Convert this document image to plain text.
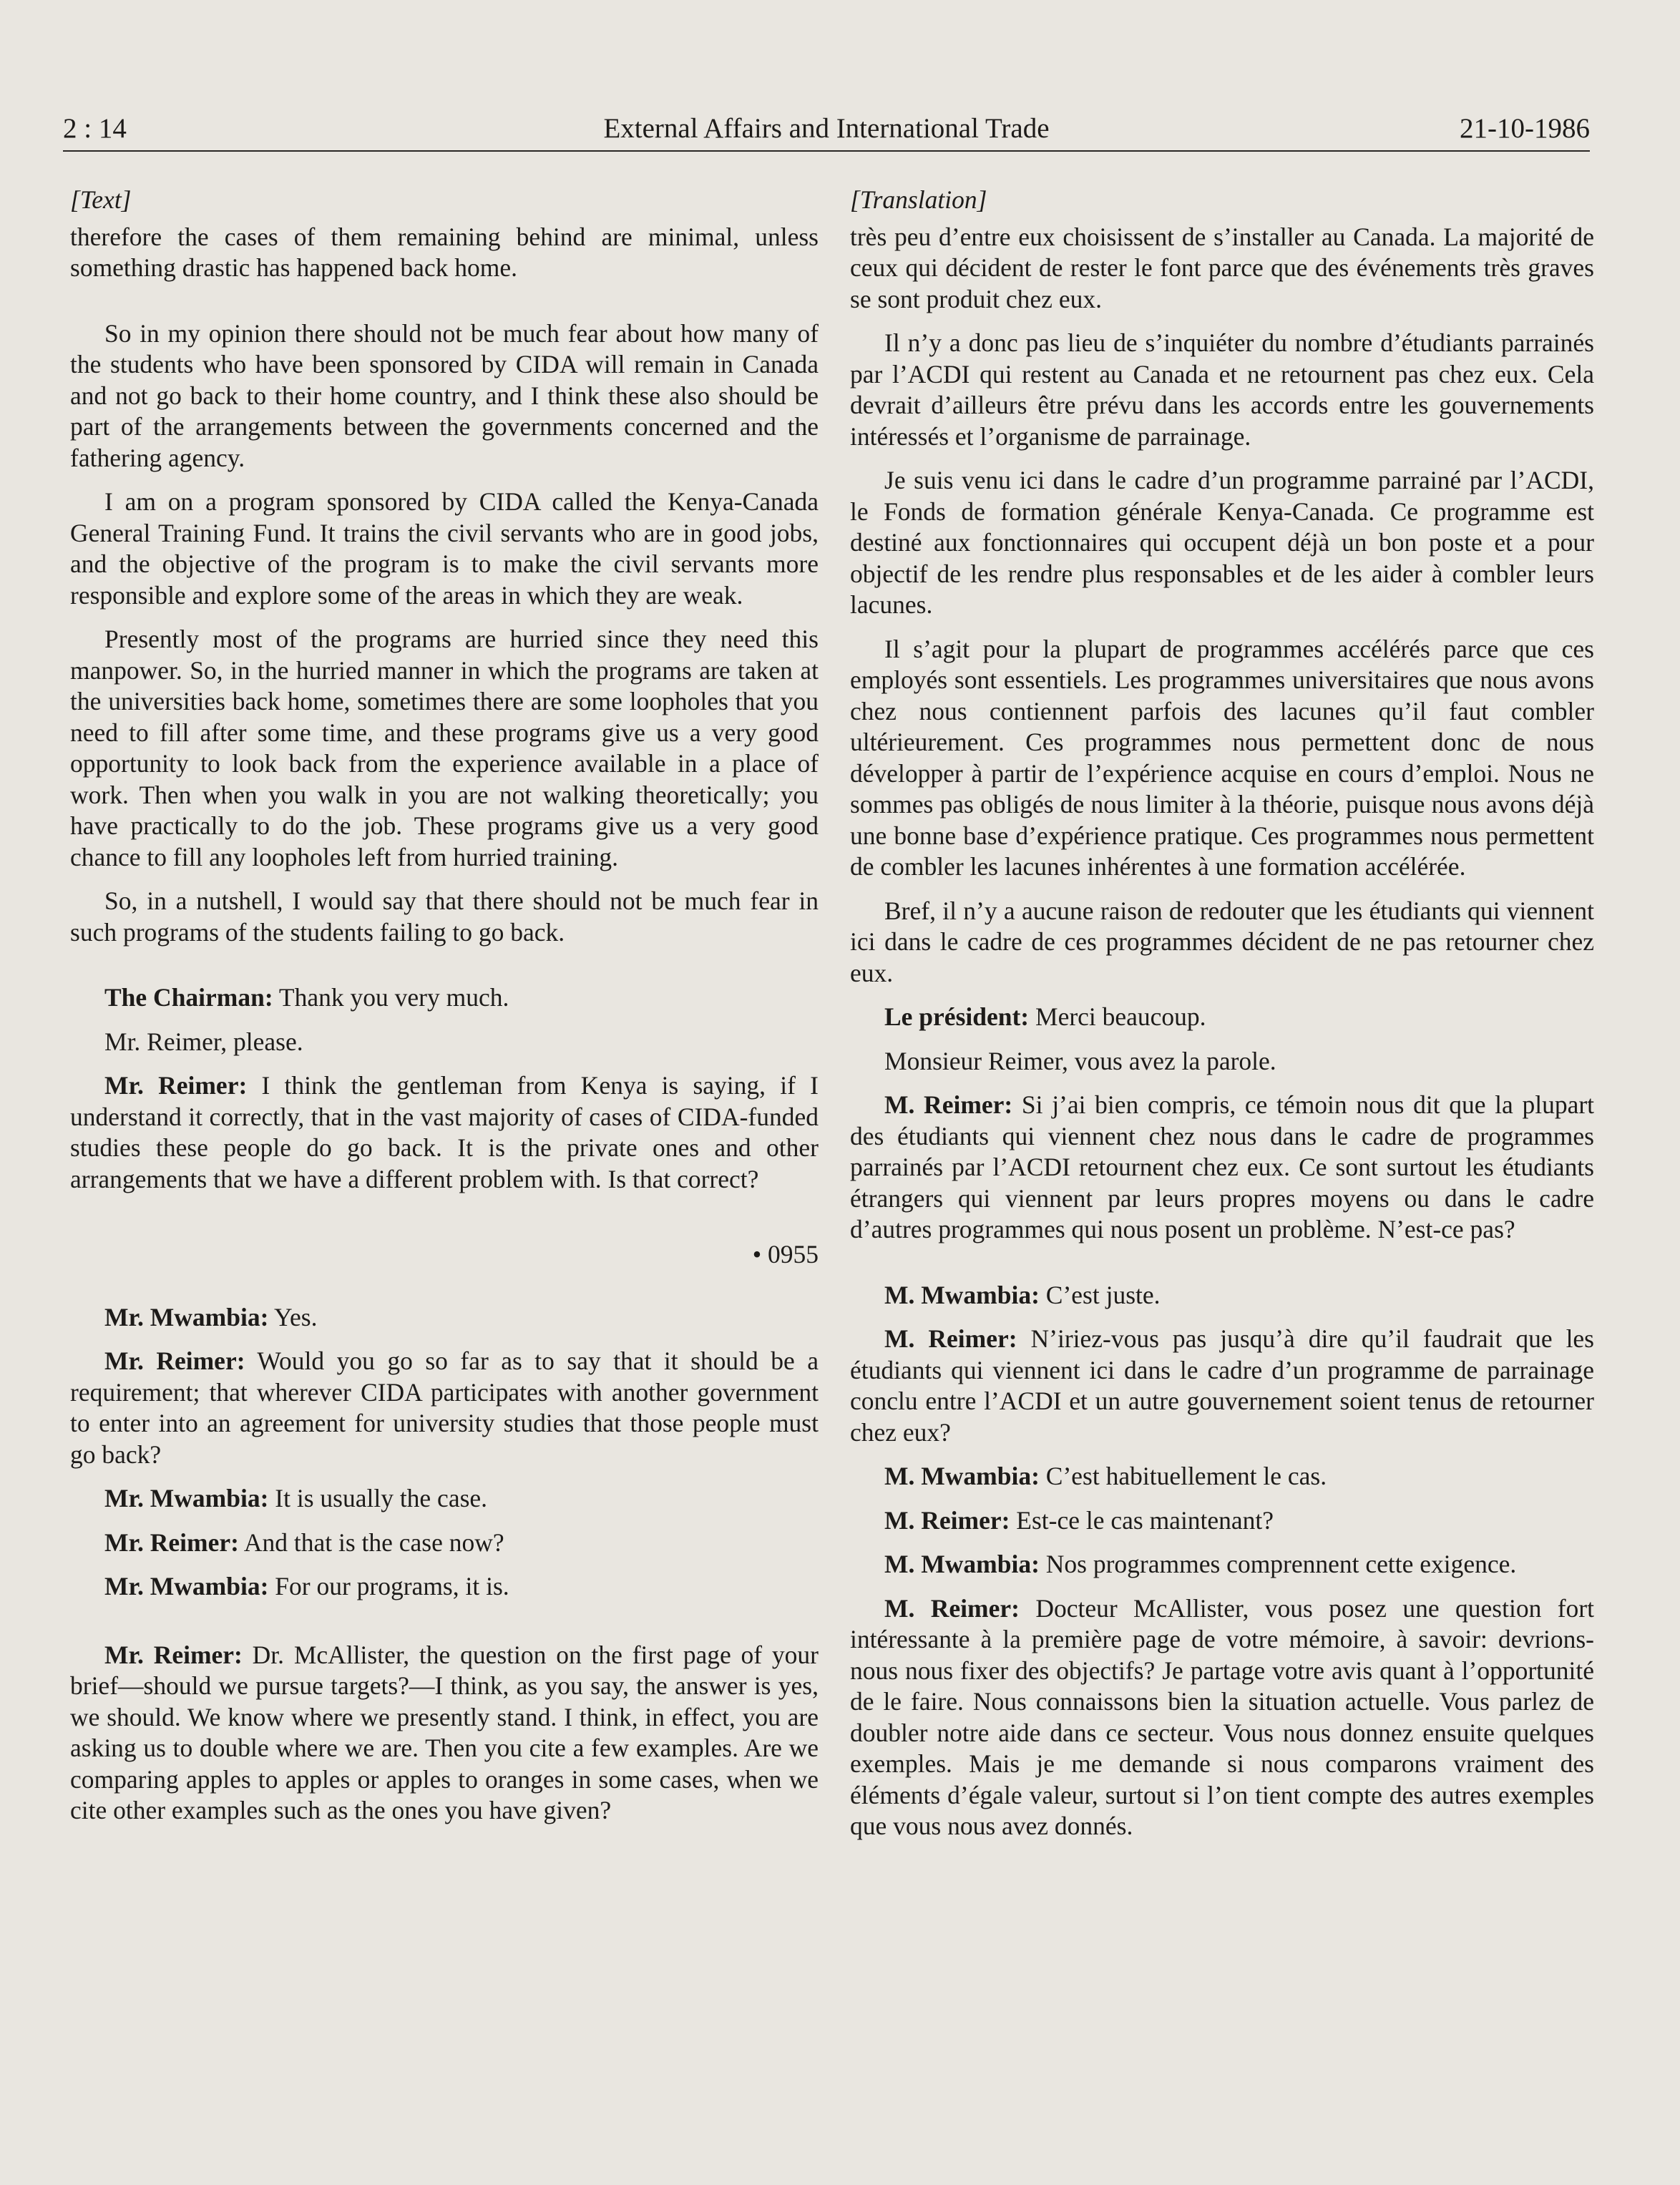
External Affairs and International Trade
2 : 14	21-10-1986
[Text]

therefore the cases of them remaining behind are minimal, unless something drastic has happened back home.

So in my opinion there should not be much fear about how many of the students who have been sponsored by CIDA will remain in Canada and not go back to their home country, and I think these also should be part of the arrangements between the governments concerned and the fathering agency.

I am on a program sponsored by CIDA called the Kenya-Canada General Training Fund. It trains the civil servants who are in good jobs, and the objective of the program is to make the civil servants more responsible and explore some of the areas in which they are weak.

Presently most of the programs are hurried since they need this manpower. So, in the hurried manner in which the programs are taken at the universities back home, sometimes there are some loopholes that you need to fill after some time, and these programs give us a very good opportunity to look back from the experience available in a place of work. Then when you walk in you are not walking theoretically; you have practically to do the job. These programs give us a very good chance to fill any loopholes left from hurried training.

So, in a nutshell, I would say that there should not be much fear in such programs of the students failing to go back.

The Chairman: Thank you very much.

Mr. Reimer, please.

Mr. Reimer: I think the gentleman from Kenya is saying, if I understand it correctly, that in the vast majority of cases of CIDA-funded studies these people do go back. It is the private ones and other arrangements that we have a different problem with. Is that correct?

• 0955

Mr. Mwambia: Yes.

Mr. Reimer: Would you go so far as to say that it should be a requirement; that wherever CIDA participates with another government to enter into an agreement for university studies that those people must go back?

Mr. Mwambia: It is usually the case.

Mr. Reimer: And that is the case now?

Mr. Mwambia: For our programs, it is.

Mr. Reimer: Dr. McAllister, the question on the first page of your brief—should we pursue targets?—I think, as you say, the answer is yes, we should. We know where we presently stand. I think, in effect, you are asking us to double where we are. Then you cite a few examples. Are we comparing apples to apples or apples to oranges in some cases, when we cite other examples such as the ones you have given?

[Translation]

très peu d’entre eux choisissent de s’installer au Canada. La majorité de ceux qui décident de rester le font parce que des événements très graves se sont produit chez eux.

Il n’y a donc pas lieu de s’inquiéter du nombre d’étudiants parrainés par l’ACDI qui restent au Canada et ne retournent pas chez eux. Cela devrait d’ailleurs être prévu dans les accords entre les gouvernements intéressés et l’organisme de parrainage.

Je suis venu ici dans le cadre d’un programme parrainé par l’ACDI, le Fonds de formation générale Kenya-Canada. Ce programme est destiné aux fonctionnaires qui occupent déjà un bon poste et a pour objectif de les rendre plus responsables et de les aider à combler leurs lacunes.

Il s’agit pour la plupart de programmes accélérés parce que ces employés sont essentiels. Les programmes universitaires que nous avons chez nous contiennent parfois des lacunes qu’il faut combler ultérieurement. Ces programmes nous permettent donc de nous développer à partir de l’expérience acquise en cours d’emploi. Nous ne sommes pas obligés de nous limiter à la théorie, puisque nous avons déjà une bonne base d’expérience pratique. Ces programmes nous permettent de combler les lacunes inhérentes à une formation accélérée.

Bref, il n’y a aucune raison de redouter que les étudiants qui viennent ici dans le cadre de ces programmes décident de ne pas retourner chez eux.

Le président: Merci beaucoup.

Monsieur Reimer, vous avez la parole.

M. Reimer: Si j’ai bien compris, ce témoin nous dit que la plupart des étudiants qui viennent chez nous dans le cadre de programmes parrainés par l’ACDI retournent chez eux. Ce sont surtout les étudiants étrangers qui viennent par leurs propres moyens ou dans le cadre d’autres programmes qui nous posent un problème. N’est-ce pas?

M. Mwambia: C’est juste.

M. Reimer: N’iriez-vous pas jusqu’à dire qu’il faudrait que les étudiants qui viennent ici dans le cadre d’un programme de parrainage conclu entre l’ACDI et un autre gouvernement soient tenus de retourner chez eux?

M. Mwambia: C’est habituellement le cas.

M. Reimer: Est-ce le cas maintenant?

M. Mwambia: Nos programmes comprennent cette exigence.

M. Reimer: Docteur McAllister, vous posez une question fort intéressante à la première page de votre mémoire, à savoir: devrions-nous nous fixer des objectifs? Je partage votre avis quant à l’opportunité de le faire. Nous connaissons bien la situation actuelle. Vous parlez de doubler notre aide dans ce secteur. Vous nous donnez ensuite quelques exemples. Mais je me demande si nous comparons vraiment des éléments d’égale valeur, surtout si l’on tient compte des autres exemples que vous nous avez donnés.
